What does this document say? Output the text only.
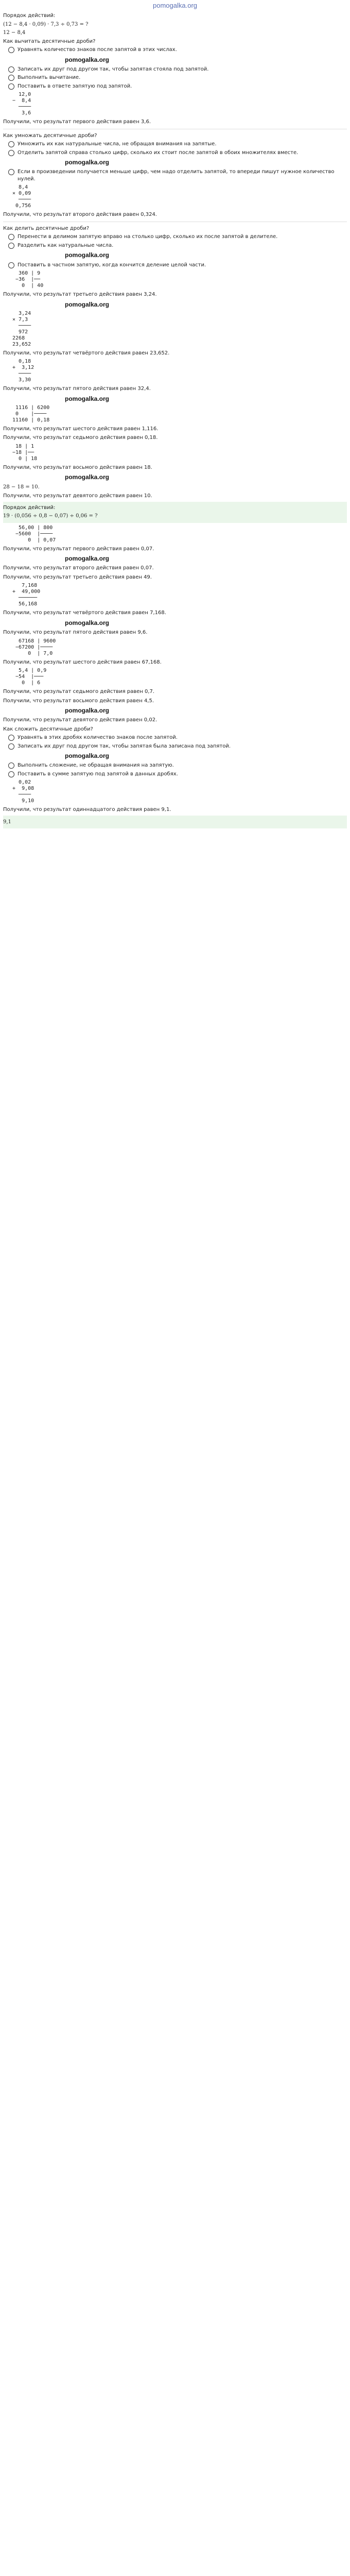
pomogalka.org
Порядок действий:
(12 − 8,4 · 0,09) · 7,3 ÷ 0,73 = ?
12 − 8,4
Как вычитать десятичные дроби?
Уравнять количество знаков после запятой в этих числах.
pomogalka.org
Записать их друг под другом так, чтобы запятая стояла под запятой.
Выполнить вычитание.
Поставить в ответе запятую под запятой.
12,0
−  8,4
────
3,6
Получили, что результат первого действия равен 3,6.
Как умножать десятичные дроби?
Умножить их как натуральные числа, не обращая внимания на запятые.
Отделить запятой справа столько цифр, сколько их стоит после запятой в обоих множителях вместе.
pomogalka.org
Если в произведении получается меньше цифр, чем надо отделить запятой, то впереди пишут нужное количество нулей.
8,4
× 0,09
────
0,756
Получили, что результат второго действия равен 0,324.
Как делить десятичные дроби?
Перенести в делимом запятую вправо на столько цифр, сколько их после запятой в делителе.
Разделить как натуральные числа.
pomogalka.org
Поставить в частном запятую, когда кончится деление целой части.
360 | 9
−36  |──
0  | 40
Получили, что результат третьего действия равен 3,24.
pomogalka.org
3,24
× 7,3
────
972
2268
23,652
Получили, что результат четвёртого действия равен 23,652.
0,18
+  3,12
────
3,30
Получили, что результат пятого действия равен 32,4.
pomogalka.org
1116 | 6200
0    |────
11160 | 0,18
Получили, что результат шестого действия равен 1,116.
Получили, что результат седьмого действия равен 0,18.
18 | 1
−18 |──
0 | 18
Получили, что результат восьмого действия равен 18.
pomogalka.org
28 − 18 = 10.
Получили, что результат девятого действия равен 10.
Порядок действий:
19 · (0,056 ÷ 0,8 − 0,07) ÷ 0,06 = ?
56,00 | 800
−5600  |────
0  | 0,07
Получили, что результат первого действия равен 0,07.
pomogalka.org
Получили, что результат второго действия равен 0,07.
Получили, что результат третьего действия равен 49.
7,168
+  49,000
──────
56,168
Получили, что результат четвёртого действия равен 7,168.
pomogalka.org
Получили, что результат пятого действия равен 9,6.
67168 | 9600
−67200 |────
0  | 7,0
Получили, что результат шестого действия равен 67,168.
5,4 | 0,9
−54  |───
0  | 6
Получили, что результат седьмого действия равен 0,7.
Получили, что результат восьмого действия равен 4,5.
pomogalka.org
Получили, что результат девятого действия равен 0,02.
Как сложить десятичные дроби?
Уравнять в этих дробях количество знаков после запятой.
Записать их друг под другом так, чтобы запятая была записана под запятой.
pomogalka.org
Выполнить сложение, не обращая внимания на запятую.
Поставить в сумме запятую под запятой в данных дробях.
0,02
+  9,08
────
9,10
Получили, что результат одиннадцатого действия равен 9,1.
9,1
